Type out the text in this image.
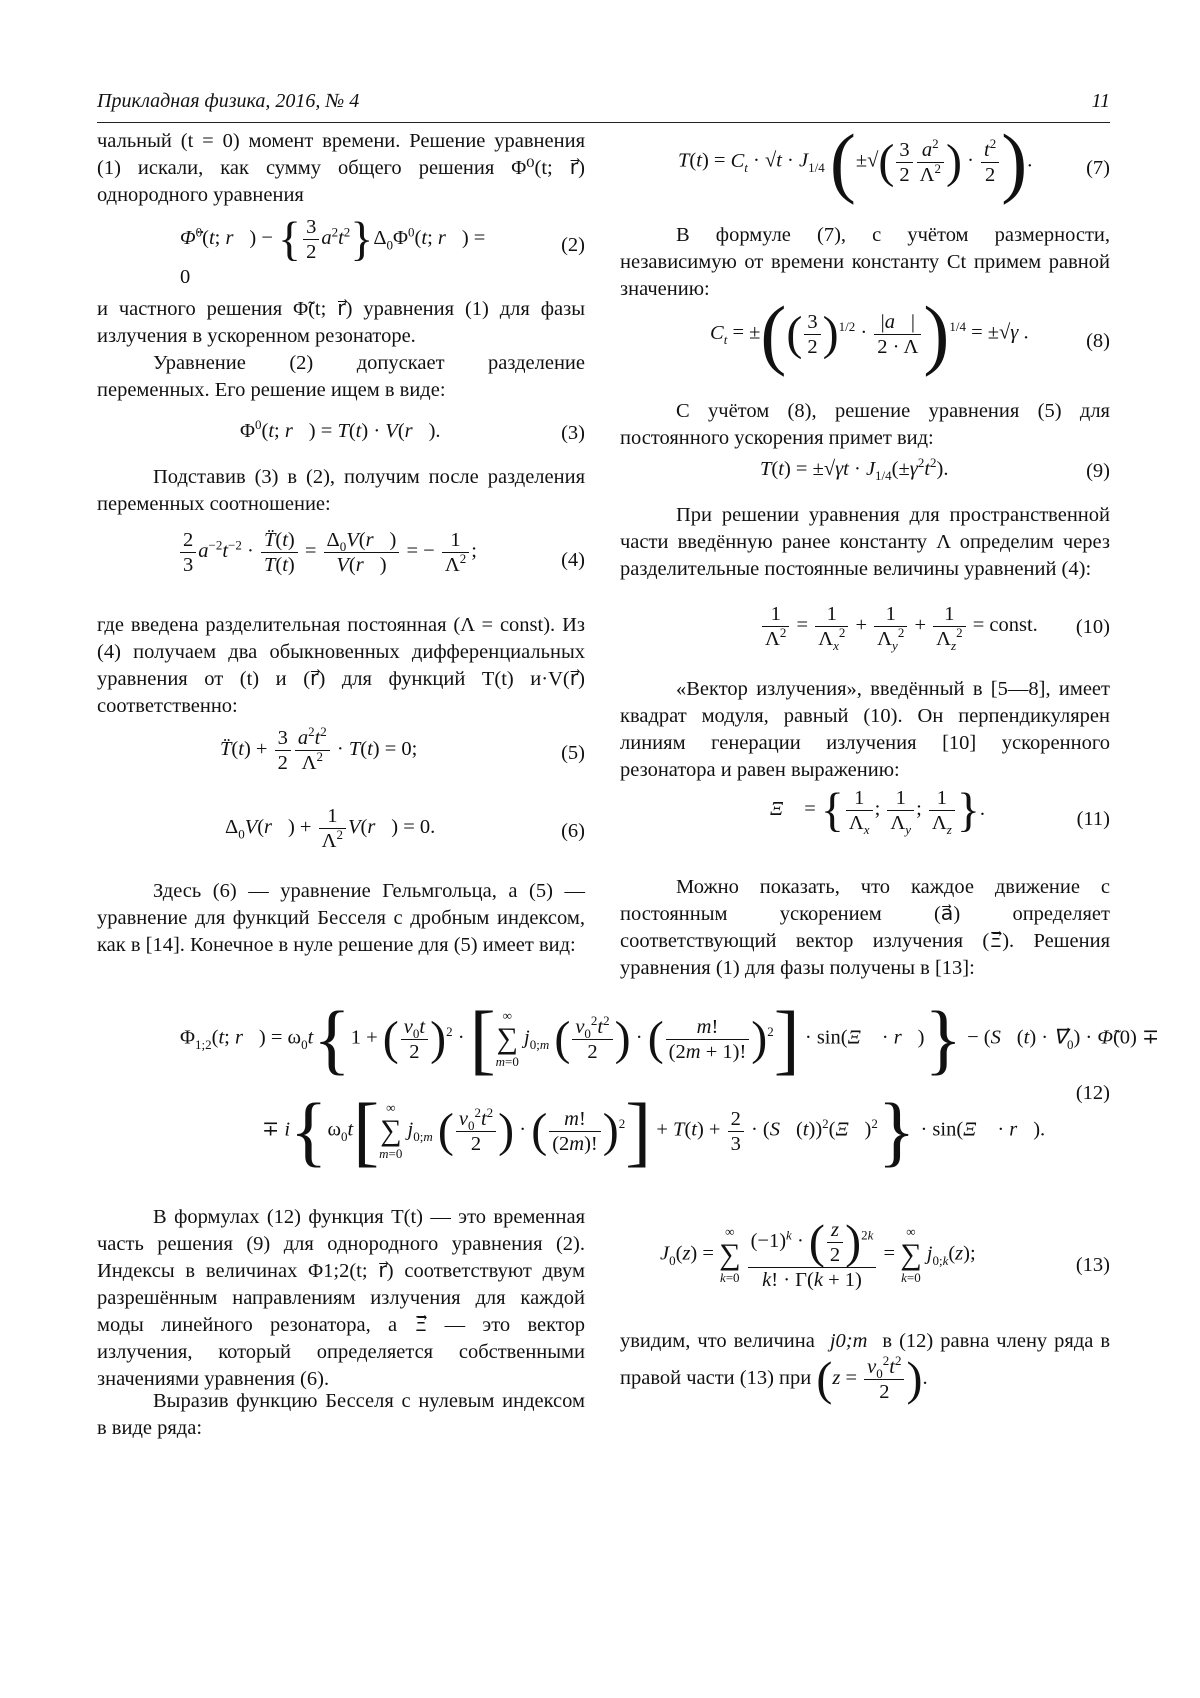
Прикладная физика, 2016, № 4	11

чальный (t = 0) момент времени. Решение уравнения (1) искали, как сумму общего решения Φ⁰(t; r⃗) однородного уравнения

Φ̈$^0$(t; r⃗) − { $\frac{3}{2} a^2t^2\}\Delta_0\Phi^0(t$; r⃗) = 0
(2)

и частного решения Φ̃(t; r⃗) уравнения (1) для фазы излучения в ускоренном резонаторе.

Уравнение (2) допускает разделение переменных. Его решение ищем в виде:

$\Phi^0(t$; r⃗) = T(t) · V(r⃗).	(3)

Подставив (3) в (2), получим после разделения переменных соотношение:

$\frac{2}{3} a^{-2}t^{-2} \cdot \frac{T̈(t)}{T(t)} = \frac{\Delta_0V(r⃗)}{V(r⃗)}$ = − $\frac{1}{\Lambda^2}$ ;	(4)

где введена разделительная постоянная (Λ = const). Из (4) получаем два обыкновенных дифференциальных уравнения от (t) и (r⃗) для функций T(t) и·V(r⃗) соответственно:

T̈(t) + $\frac{3}{2} \frac{a^2t^2}{\Lambda^2} \cdot T(t) = 0$;	(5)
$\Delta_0V(r⃗) + \frac{1}{\Lambda^2}$ V(r⃗) = 0.	(6)

Здесь (6) — уравнение Гельмгольца, а (5) — уравнение для функций Бесселя с дробным индексом, как в [14]. Конечное в нуле решение для (5) имеет вид:

$T(t) = C_t \cdot √t \cdot J_{1/4}$ (±√( $\frac{3}{2} \frac{a^2}{\Lambda^2}$ ) · $\frac{t^2}{2}$ ).	(7)

В формуле (7), с учётом размерности, независимую от времени константу Ct примем равной значению:

$C_t$ = ±(( $\frac{3}{2} )^{1/2} \cdot \frac{|a⃗|}{2 \cdot \Lambda} )^{1/4} = \pm√\gamma$ .	(8)

С учётом (8), решение уравнения (5) для постоянного ускорения примет вид:

$T(t) = \pm√\gamma t \cdot J_{1/4}(\pm\gamma^2t^2)$.	(9)

При решении уравнения для пространственной части введённую ранее константу Λ определим через разделительные постоянные величины уравнений (4):

$\frac{1}{\Lambda^2} = \frac{1}{\Lambda_x^2} + \frac{1}{\Lambda_y^2} + \frac{1}{\Lambda_z^2}$ = const.	(10)

«Вектор излучения», введённый в [5—8], имеет квадрат модуля, равный (10). Он перпендикулярен линиям генерации излучения [10] ускоренного резонатора и равен выражению:

Ξ⃗ = { $\frac{1}{\Lambda_x}$ ; $\frac{1}{\Lambda_y}$ ; $\frac{1}{\Lambda_z}$ }.	(11)

Можно показать, что каждое движение с постоянным ускорением (a⃗) определяет соответствующий вектор излучения (Ξ⃗). Решения уравнения (1) для фазы получены в [13]:

$\Phi_{1;2}(t$; r⃗) = $\omega_0t\{1$ + ( $\frac{v_0t}{2} )^2$ · [ ∞
∑
m=0 $j_{0;m}$ ( $\frac{v_0^2t^2}{2}$ ) · ( $\frac{m!}{(2m + 1)!} )^2$] · sin(Ξ⃗ · r⃗)} − (S⃗(t) · $\nabla⃗_0$) · Φ̃(0) ∓
∓ $i\{\omega_0t$[ ∞
∑
m=0 $j_{0;m}$ ( $\frac{v_0^2t^2}{2}$ ) · ( $\frac{m!}{(2m)!} )^2] + T(t) + \frac{2}{3}$ · (S⃗(t))$^2$(Ξ⃗)$^2$} · sin(Ξ⃗ · r⃗).
(12)

В формулах (12) функция T(t) — это временная часть решения (9) для однородного уравнения (2). Индексы в величинах Φ1;2(t; r⃗) соответствуют двум разрешённым направлениям излучения для каждой моды линейного резонатора, а Ξ⃗ — это вектор излучения, который определяется собственными значениями уравнения (6).

Выразив функцию Бесселя с нулевым индексом в виде ряда:

$J_0(z)$ = ∞
∑
$k=0 \frac{(-1)^k \cdot ( \frac{z}{2} )^{2k}}{k! \cdot \Gamma(k + 1)}$ = ∞
∑
k=0 $j_{0;k}(z)$;
(13)

увидим, что величина j0;m в (12) равна члену ряда в правой части (13) при ($z = \frac{v_0^2t^2}{2}$ ).
